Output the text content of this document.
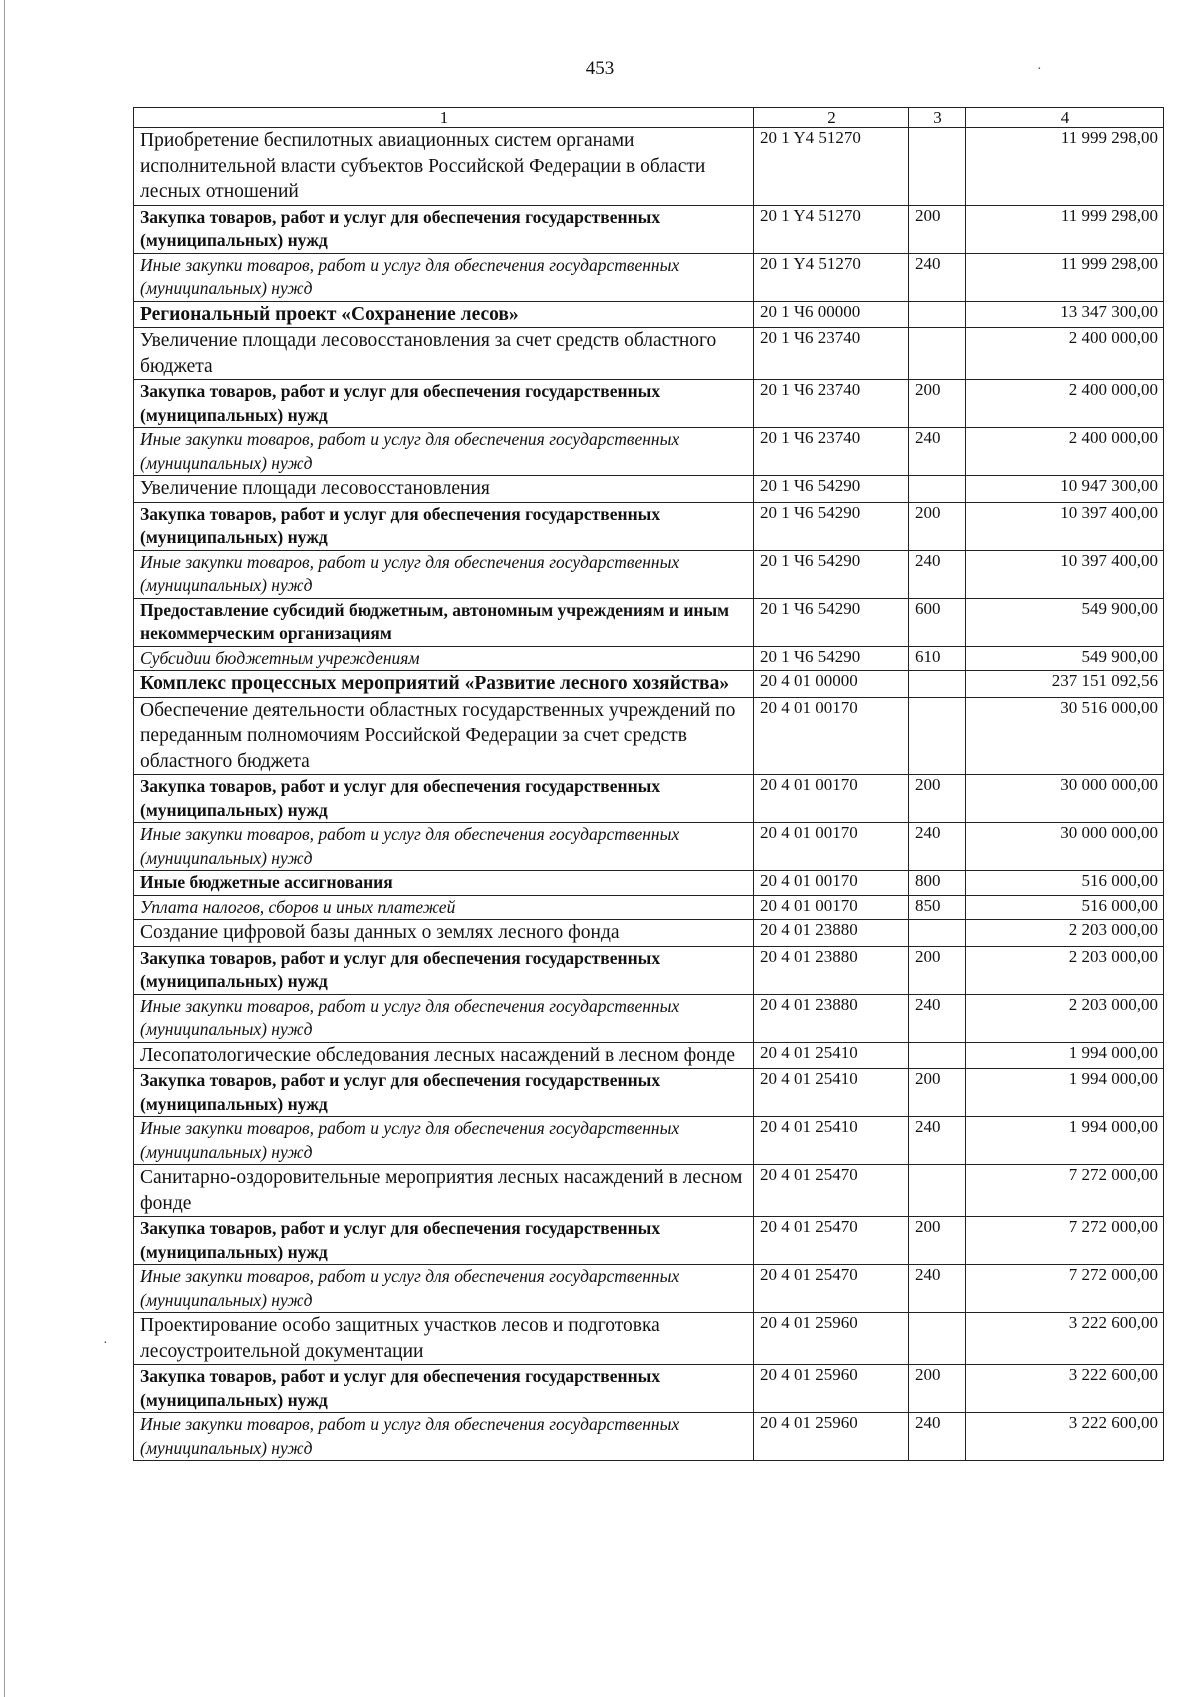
453	·
·
1	2	3	4
Приобретение беспилотных авиационных систем органами исполнительной власти субъектов Российской Федерации в области лесных отношений	20 1 Y4 51270		11 999 298,00
Закупка товаров, работ и услуг для обеспечения государственных (муниципальных) нужд	20 1 Y4 51270	200	11 999 298,00
Иные закупки товаров, работ и услуг для обеспечения государственных (муниципальных) нужд	20 1 Y4 51270	240	11 999 298,00
Региональный проект «Сохранение лесов»	20 1 Ч6 00000		13 347 300,00
Увеличение площади лесовосстановления за счет средств областного бюджета	20 1 Ч6 23740		2 400 000,00
Закупка товаров, работ и услуг для обеспечения государственных (муниципальных) нужд	20 1 Ч6 23740	200	2 400 000,00
Иные закупки товаров, работ и услуг для обеспечения государственных (муниципальных) нужд	20 1 Ч6 23740	240	2 400 000,00
Увеличение площади лесовосстановления	20 1 Ч6 54290		10 947 300,00
Закупка товаров, работ и услуг для обеспечения государственных (муниципальных) нужд	20 1 Ч6 54290	200	10 397 400,00
Иные закупки товаров, работ и услуг для обеспечения государственных (муниципальных) нужд	20 1 Ч6 54290	240	10 397 400,00
Предоставление субсидий бюджетным, автономным учреждениям и иным некоммерческим организациям	20 1 Ч6 54290	600	549 900,00
Субсидии бюджетным учреждениям	20 1 Ч6 54290	610	549 900,00
Комплекс процессных мероприятий «Развитие лесного хозяйства»	20 4 01 00000		237 151 092,56
Обеспечение деятельности областных государственных учреждений по переданным полномочиям Российской Федерации за счет средств областного бюджета	20 4 01 00170		30 516 000,00
Закупка товаров, работ и услуг для обеспечения государственных (муниципальных) нужд	20 4 01 00170	200	30 000 000,00
Иные закупки товаров, работ и услуг для обеспечения государственных (муниципальных) нужд	20 4 01 00170	240	30 000 000,00
Иные бюджетные ассигнования	20 4 01 00170	800	516 000,00
Уплата налогов, сборов и иных платежей	20 4 01 00170	850	516 000,00
Создание цифровой базы данных о землях лесного фонда	20 4 01 23880		2 203 000,00
Закупка товаров, работ и услуг для обеспечения государственных (муниципальных) нужд	20 4 01 23880	200	2 203 000,00
Иные закупки товаров, работ и услуг для обеспечения государственных (муниципальных) нужд	20 4 01 23880	240	2 203 000,00
Лесопатологические обследования лесных насаждений в лесном фонде	20 4 01 25410		1 994 000,00
Закупка товаров, работ и услуг для обеспечения государственных (муниципальных) нужд	20 4 01 25410	200	1 994 000,00
Иные закупки товаров, работ и услуг для обеспечения государственных (муниципальных) нужд	20 4 01 25410	240	1 994 000,00
Санитарно-оздоровительные мероприятия лесных насаждений в лесном фонде	20 4 01 25470		7 272 000,00
Закупка товаров, работ и услуг для обеспечения государственных (муниципальных) нужд	20 4 01 25470	200	7 272 000,00
Иные закупки товаров, работ и услуг для обеспечения государственных (муниципальных) нужд	20 4 01 25470	240	7 272 000,00
Проектирование особо защитных участков лесов и подготовка лесоустроительной документации	20 4 01 25960		3 222 600,00
Закупка товаров, работ и услуг для обеспечения государственных (муниципальных) нужд	20 4 01 25960	200	3 222 600,00
Иные закупки товаров, работ и услуг для обеспечения государственных (муниципальных) нужд	20 4 01 25960	240	3 222 600,00
